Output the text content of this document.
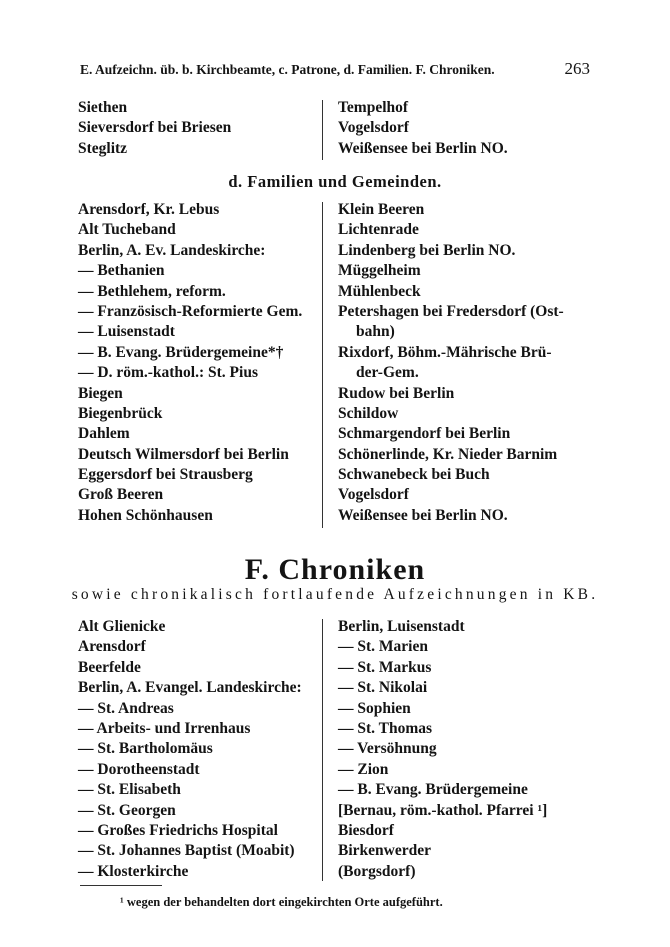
E. Aufzeichn. üb. b. Kirchbeamte, c. Patrone, d. Familien. F. Chroniken.	263
Siethen
Sieversdorf bei Briesen
Steglitz
Tempelhof
Vogelsdorf
Weißensee bei Berlin NO.
d. Familien und Gemeinden.
Arensdorf, Kr. Lebus
Alt Tucheband
Berlin, A. Ev. Landeskirche:
— Bethanien
— Bethlehem, reform.
— Französisch-Reformierte Gem.
— Luisenstadt
— B. Evang. Brüdergemeine*†
— D. röm.-kathol.: St. Pius
Biegen
Biegenbrück
Dahlem
Deutsch Wilmersdorf bei Berlin
Eggersdorf bei Strausberg
Groß Beeren
Hohen Schönhausen
Klein Beeren
Lichtenrade
Lindenberg bei Berlin NO.
Müggelheim
Mühlenbeck
Petershagen bei Fredersdorf (Ost-
bahn)
Rixdorf, Böhm.-Mährische Brü-
der-Gem.
Rudow bei Berlin
Schildow
Schmargendorf bei Berlin
Schönerlinde, Kr. Nieder Barnim
Schwanebeck bei Buch
Vogelsdorf
Weißensee bei Berlin NO.
F. Chroniken
sowie chronikalisch fortlaufende Aufzeichnungen in KB.
Alt Glienicke
Arensdorf
Beerfelde
Berlin, A. Evangel. Landeskirche:
— St. Andreas
— Arbeits- und Irrenhaus
— St. Bartholomäus
— Dorotheenstadt
— St. Elisabeth
— St. Georgen
— Großes Friedrichs Hospital
— St. Johannes Baptist (Moabit)
— Klosterkirche
Berlin, Luisenstadt
— St. Marien
— St. Markus
— St. Nikolai
— Sophien
— St. Thomas
— Versöhnung
— Zion
— B. Evang. Brüdergemeine
[Bernau, röm.-kathol. Pfarrei ¹]
Biesdorf
Birkenwerder
(Borgsdorf)
¹ wegen der behandelten dort eingekirchten Orte aufgeführt.
